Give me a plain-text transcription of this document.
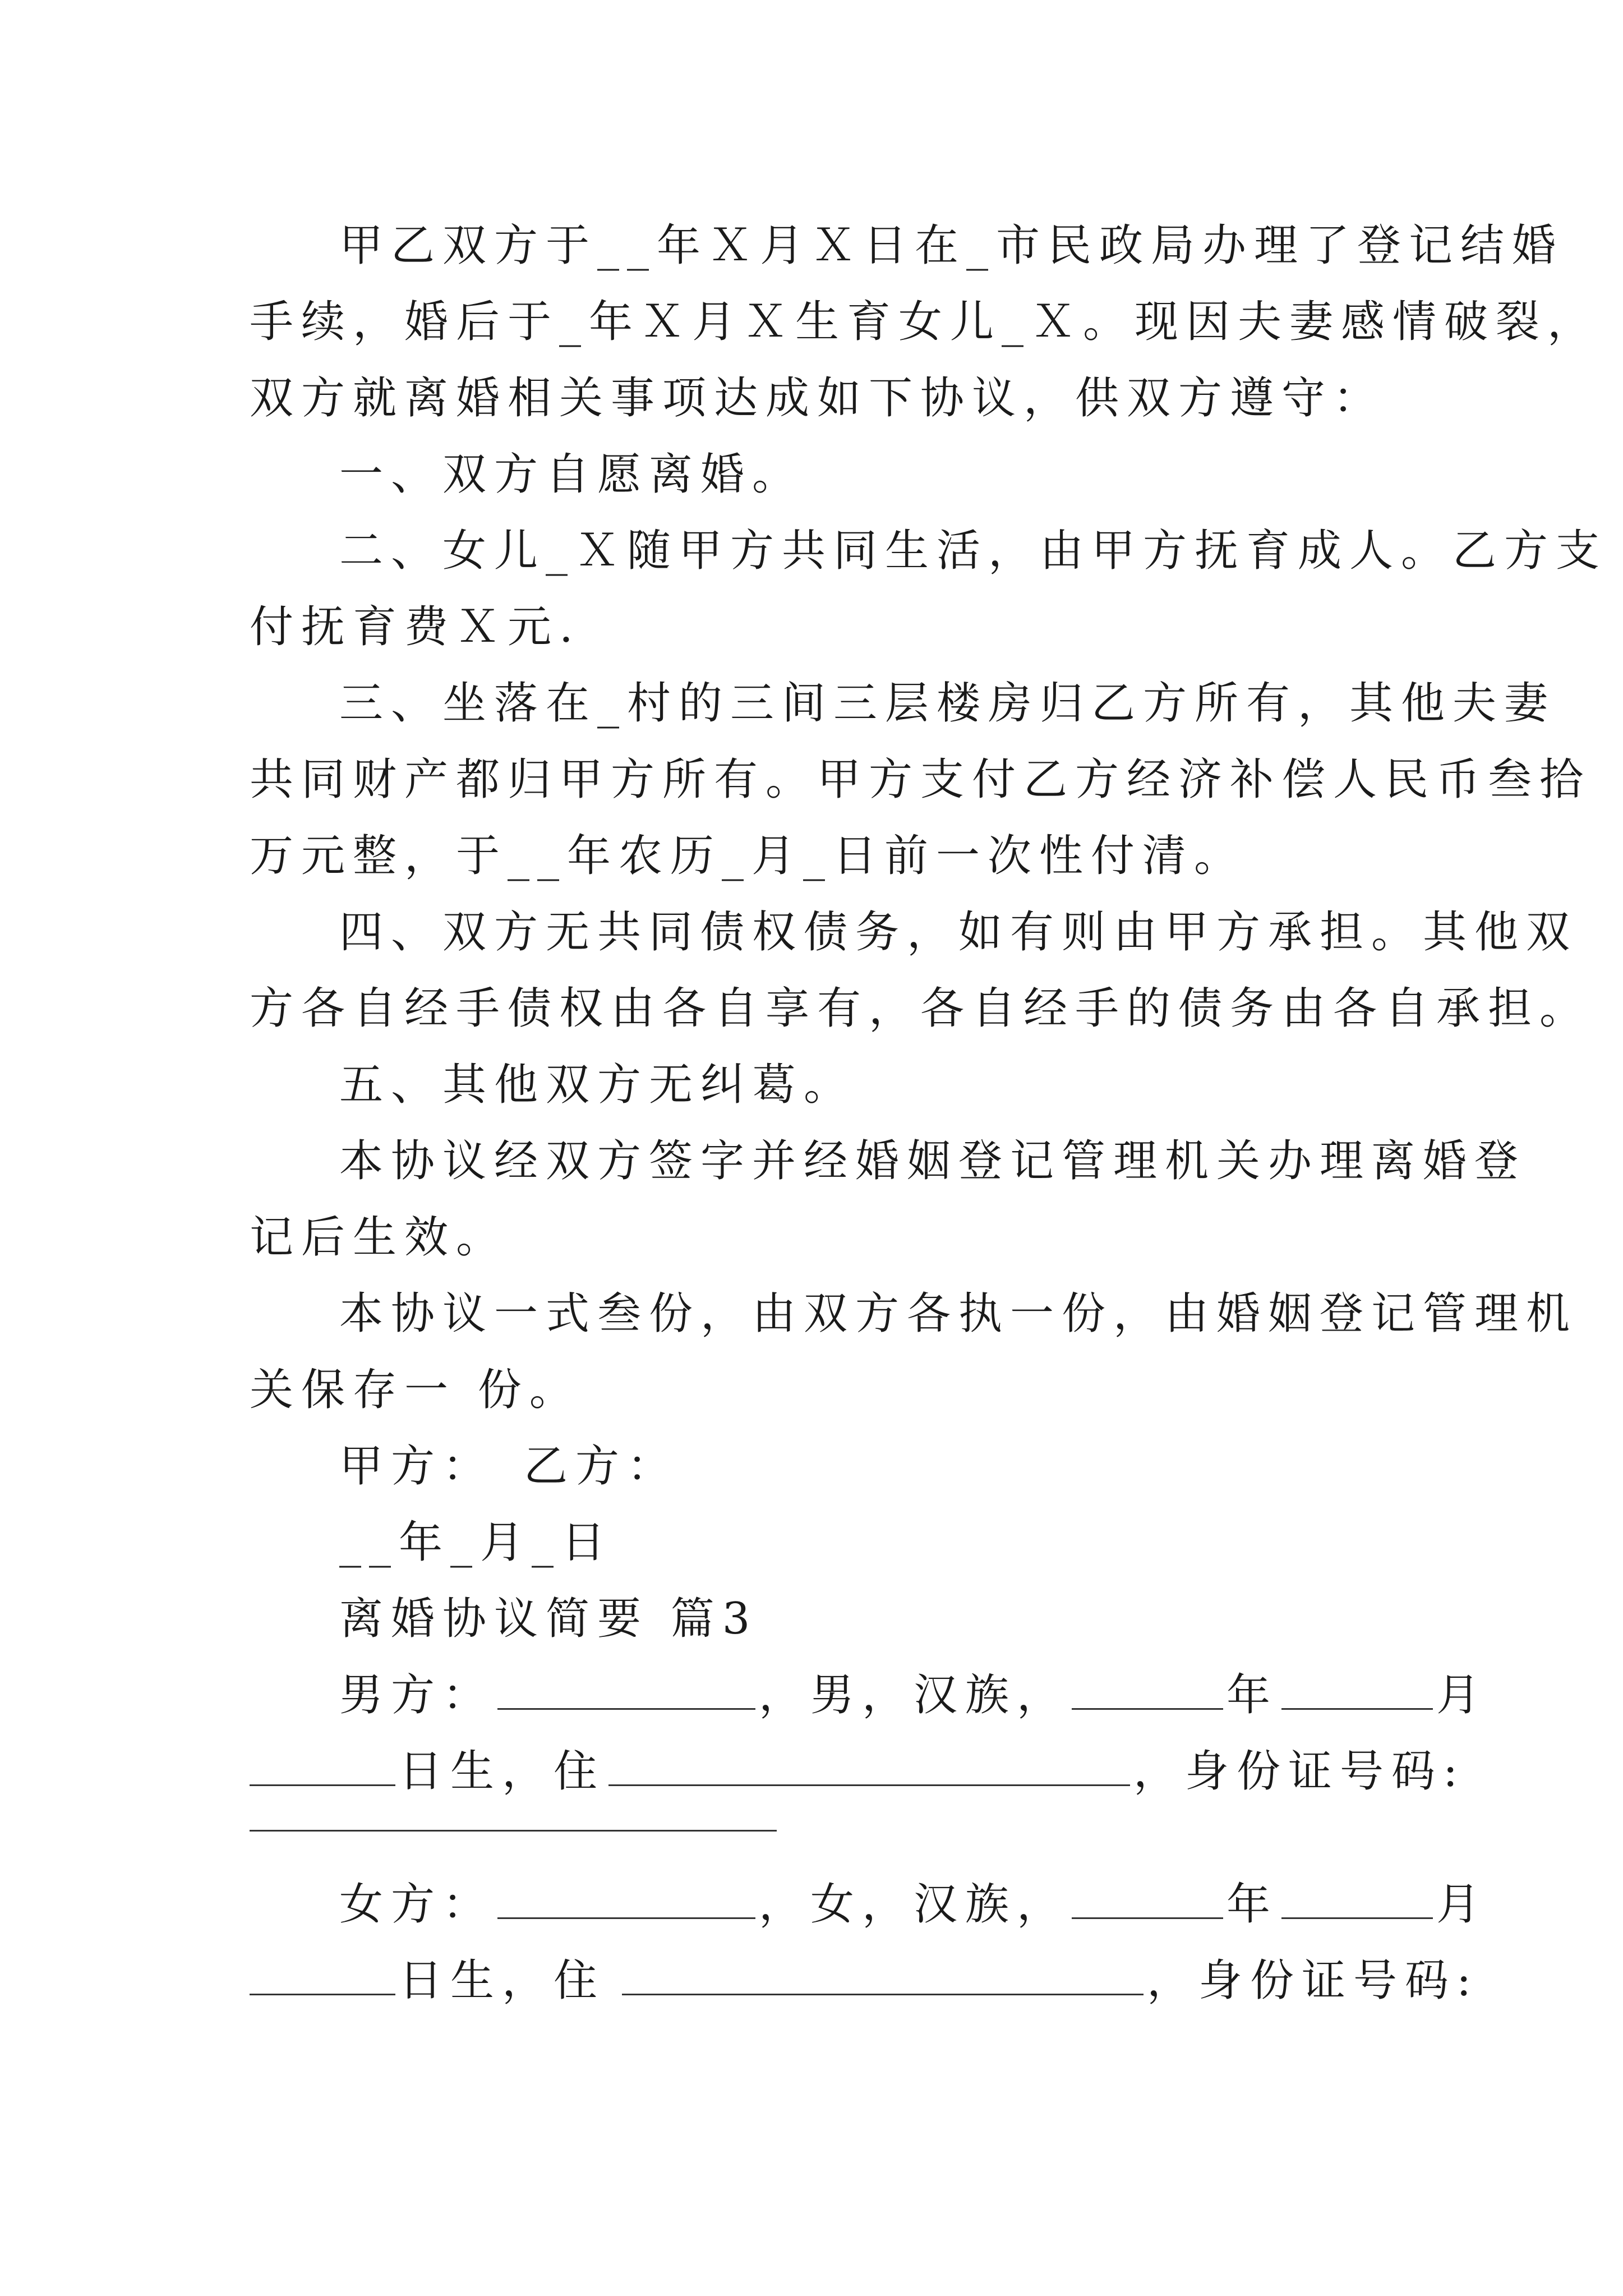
甲乙双方于__年Ｘ月Ｘ日在_市民政局办理了登记结婚

手续，婚后于_年Ｘ月Ｘ生育女儿_Ｘ。现因夫妻感情破裂，

双方就离婚相关事项达成如下协议，供双方遵守：

一、双方自愿离婚。

二、女儿_Ｘ随甲方共同生活，由甲方抚育成人。乙方支

付抚育费Ｘ元.

三、坐落在_村的三间三层楼房归乙方所有，其他夫妻

共同财产都归甲方所有。甲方支付乙方经济补偿人民币叁拾

万元整，于__年农历_月_日前一次性付清。

四、双方无共同债权债务，如有则由甲方承担。其他双

方各自经手债权由各自享有，各自经手的债务由各自承担。

五、其他双方无纠葛。

本协议经双方签字并经婚姻登记管理机关办理离婚登

记后生效。

本协议一式叁份，由双方各执一份，由婚姻登记管理机

关保存一 份。

甲方：　乙方：

__年_月_日

离婚协议简要 篇3

男方：	，男，汉族，	年	月

日生，住	，身份证号码:

女方：	，女，汉族，	年	月

日生，住	，身份证号码:
